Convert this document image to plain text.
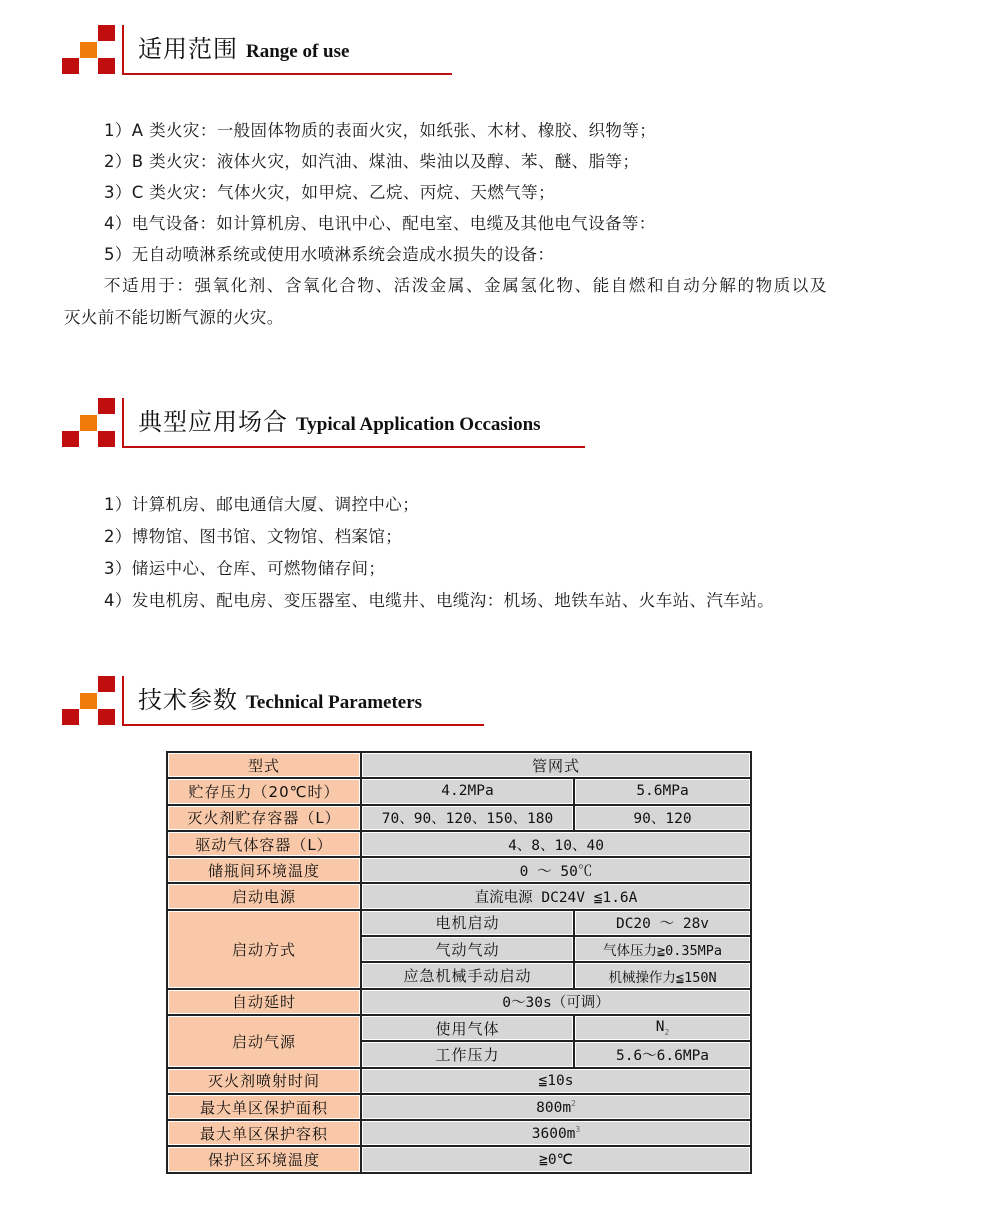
适用范围 Range of use
1）A 类火灾：一般固体物质的表面火灾，如纸张、木材、橡胶、织物等；
2）B 类火灾：液体火灾，如汽油、煤油、柴油以及醇、苯、醚、脂等；
3）C 类火灾：气体火灾，如甲烷、乙烷、丙烷、天燃气等；
4）电气设备：如计算机房、电讯中心、配电室、电缆及其他电气设备等：
5）无自动喷淋系统或使用水喷淋系统会造成水损失的设备：
不适用于：强氧化剂、含氧化合物、活泼金属、金属氢化物、能自燃和自动分解的物质以及
灭火前不能切断气源的火灾。
典型应用场合 Typical Application Occasions
1）计算机房、邮电通信大厦、调控中心；
2）博物馆、图书馆、文物馆、档案馆；
3）储运中心、仓库、可燃物储存间；
4）发电机房、配电房、变压器室、电缆井、电缆沟：机场、地铁车站、火车站、汽车站。
技术参数 Technical Parameters
型式	管网式	
贮存压力（20℃时）	4.2MPa	5.6MPa
灭火剂贮存容器（L）	70、90、120、150、180	90、120
驱动气体容器（L）	4、8、10、40	
储瓶间环境温度	0 ～ 50℃	
启动电源	直流电源 DC24V ≦1.6A	
启动方式	电机启动	DC20 ～ 28v
	气动气动	气体压力≧0.35MPa
	应急机械手动启动	机械操作力≦150N
自动延时	0～30s（可调）	
启动气源	使用气体	$N_2$
	工作压力	5.6～6.6MPa
灭火剂喷射时间	≦10s	
最大单区保护面积	$800m^2$
最大单区保护容积	$3600m^3$
保护区环境温度	≧0℃	
